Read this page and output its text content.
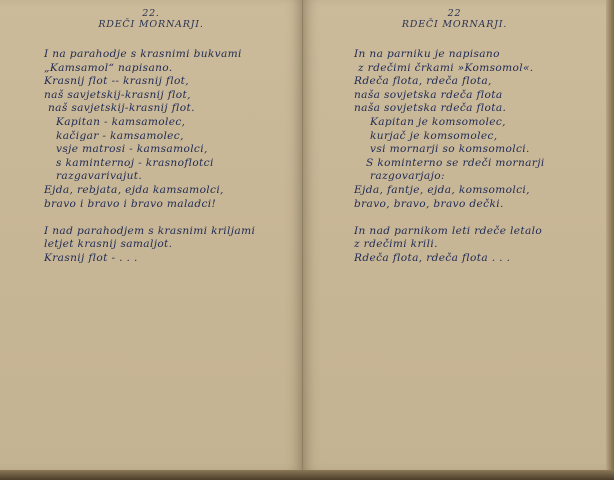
22.
RDEČI MORNARJI.
22
RDEČI MORNARJI.
I na parahodje s krasnimi bukvami
„Kamsamol“ napisano.
Krasnij flot -- krasnij flot,
naš savjetskij-krasnij flot,
naš savjetskij-krasnij flot.
Kapitan - kamsamolec,
kačigar - kamsamolec,
vsje matrosi - kamsamolci,
s kaminternoj - krasnoflotci
razgavarivajut.
Ejda, rebjata, ejda kamsamolci,
bravo i bravo i bravo maladci!
I nad parahodjem s krasnimi kriljami
letjet krasnij samaljot.
Krasnij flot - . . .
In na parniku je napisano
z rdečimi črkami »Komsomol«.
Rdeča flota, rdeča flota,
naša sovjetska rdeča flota
naša sovjetska rdeča flota.
Kapitan je komsomolec,
kurjač je komsomolec,
vsi mornarji so komsomolci.
S kominterno se rdeči mornarji
razgovarjajo:
Ejda, fantje, ejda, komsomolci,
bravo, bravo, bravo dečki.
In nad parnikom leti rdeče letalo
z rdečimi krili.
Rdeča flota, rdeča flota . . .
